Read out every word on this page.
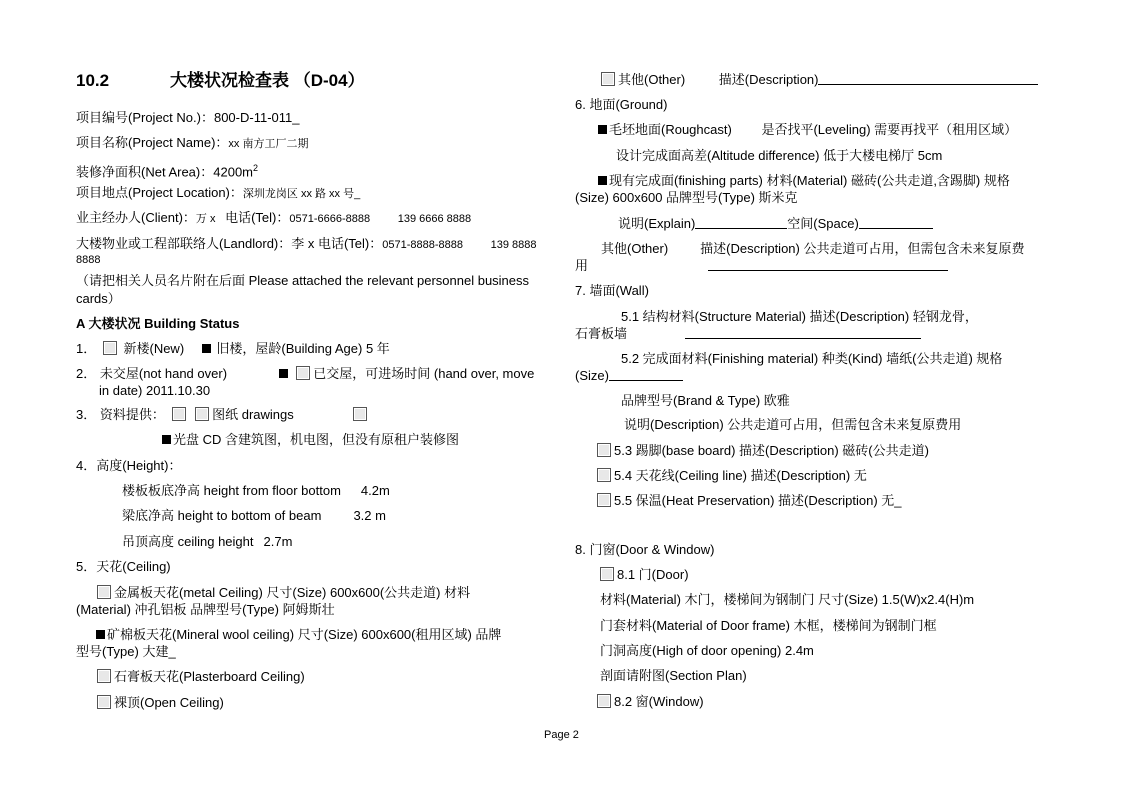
10.2	大楼状况检查表 （D-04）
项目编号(Project No.)：800-D-11-011_
项目名称(Project Name)：xx 南方工厂二期
装修净面积(Net Area)：$4200m^2$
项目地点(Project Location)：深圳龙岗区 xx 路 xx 号_
业主经办人(Client)：万 x 电话(Tel)：0571-6666-8888	139 6666 8888
大楼物业或工程部联络人(Landlord)：李 x 电话(Tel)：0571-8888-8888	139 8888
8888
（请把相关人员名片附在后面 Please attached the relevant personnel business
cards）
A 大楼状况 Building Status
1． 新楼(New) 旧楼，屋龄(Building Age) 5 年
2． 未交屋(not hand over)	已交屋，可进场时间 (hand over, move
in date) 2011.10.30
3． 资料提供：	图纸 drawings
光盘 CD 含建筑图，机电图，但没有原租户装修图
4．高度(Height)：
楼板板底净高 height from floor bottom 4.2m
梁底净高 height to bottom of beam 3.2 m
吊顶高度 ceiling height 2.7m
5．天花(Ceiling)
金属板天花(metal Ceiling) 尺寸(Size) 600x600(公共走道) 材料
(Material) 冲孔铝板 品牌型号(Type) 阿姆斯壮
矿棉板天花(Mineral wool ceiling) 尺寸(Size) 600x600(租用区域) 品牌
型号(Type) 大建_
石膏板天花(Plasterboard Ceiling)
裸顶(Open Ceiling)
其他(Other)	描述(Description)
6. 地面(Ground)
毛坯地面(Roughcast) 是否找平(Leveling) 需要再找平（租用区域）
设计完成面高差(Altitude difference) 低于大楼电梯厅 5cm
现有完成面(finishing parts) 材料(Material) 磁砖(公共走道,含踢脚) 规格
(Size) 600x600 品牌型号(Type) 斯米克
说明(Explain)	空间(Space)
其他(Other) 描述(Description) 公共走道可占用，但需包含未来复原费
用
7. 墙面(Wall)
5.1 结构材料(Structure Material) 描述(Description) 轻钢龙骨，
石膏板墙
5.2 完成面材料(Finishing material) 种类(Kind) 墙纸(公共走道) 规格
(Size)
品牌型号(Brand & Type) 欧雅
说明(Description) 公共走道可占用，但需包含未来复原费用
5.3 踢脚(base board) 描述(Description) 磁砖(公共走道)
5.4 天花线(Ceiling line) 描述(Description) 无
5.5 保温(Heat Preservation) 描述(Description) 无_
8. 门窗(Door & Window)
8.1 门(Door)
材料(Material) 木门，楼梯间为钢制门 尺寸(Size) 1.5(W)x2.4(H)m
门套材料(Material of Door frame) 木框，楼梯间为钢制门框
门洞高度(High of door opening) 2.4m
剖面请附图(Section Plan)
8.2 窗(Window)
Page 2
